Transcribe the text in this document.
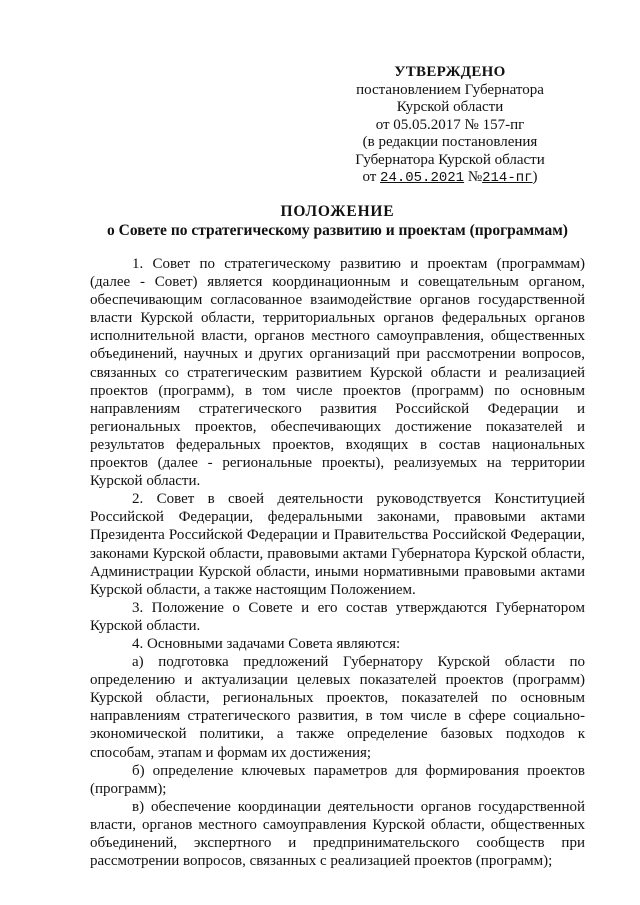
УТВЕРЖДЕНО
постановлением Губернатора
Курской области
от 05.05.2017 № 157-пг
(в редакции постановления
Губернатора Курской области
от 24.05.2021 №214-пг)
ПОЛОЖЕНИЕ
о Совете по стратегическому развитию и проектам (программам)

1. Совет по стратегическому развитию и проектам (программам) (далее - Совет) является координационным и совещательным органом, обеспечивающим согласованное взаимодействие органов государственной власти Курской области, территориальных органов федеральных органов исполнительной власти, органов местного самоуправления, общественных объединений, научных и других организаций при рассмотрении вопросов, связанных со стратегическим развитием Курской области и реализацией проектов (программ), в том числе проектов (программ) по основным направлениям стратегического развития Российской Федерации и региональных проектов, обеспечивающих достижение показателей и результатов федеральных проектов, входящих в состав национальных проектов (далее - региональные проекты), реализуемых на территории Курской области.

2. Совет в своей деятельности руководствуется Конституцией Российской Федерации, федеральными законами, правовыми актами Президента Российской Федерации и Правительства Российской Федерации, законами Курской области, правовыми актами Губернатора Курской области, Администрации Курской области, иными нормативными правовыми актами Курской области, а также настоящим Положением.

3. Положение о Совете и его состав утверждаются Губернатором Курской области.

4. Основными задачами Совета являются:

а) подготовка предложений Губернатору Курской области по определению и актуализации целевых показателей проектов (программ) Курской области, региональных проектов, показателей по основным направлениям стратегического развития, в том числе в сфере социально-экономической политики, а также определение базовых подходов к способам, этапам и формам их достижения;

б) определение ключевых параметров для формирования проектов (программ);

в) обеспечение координации деятельности органов государственной власти, органов местного самоуправления Курской области, общественных объединений, экспертного и предпринимательского сообществ при рассмотрении вопросов, связанных с реализацией проектов (программ);
